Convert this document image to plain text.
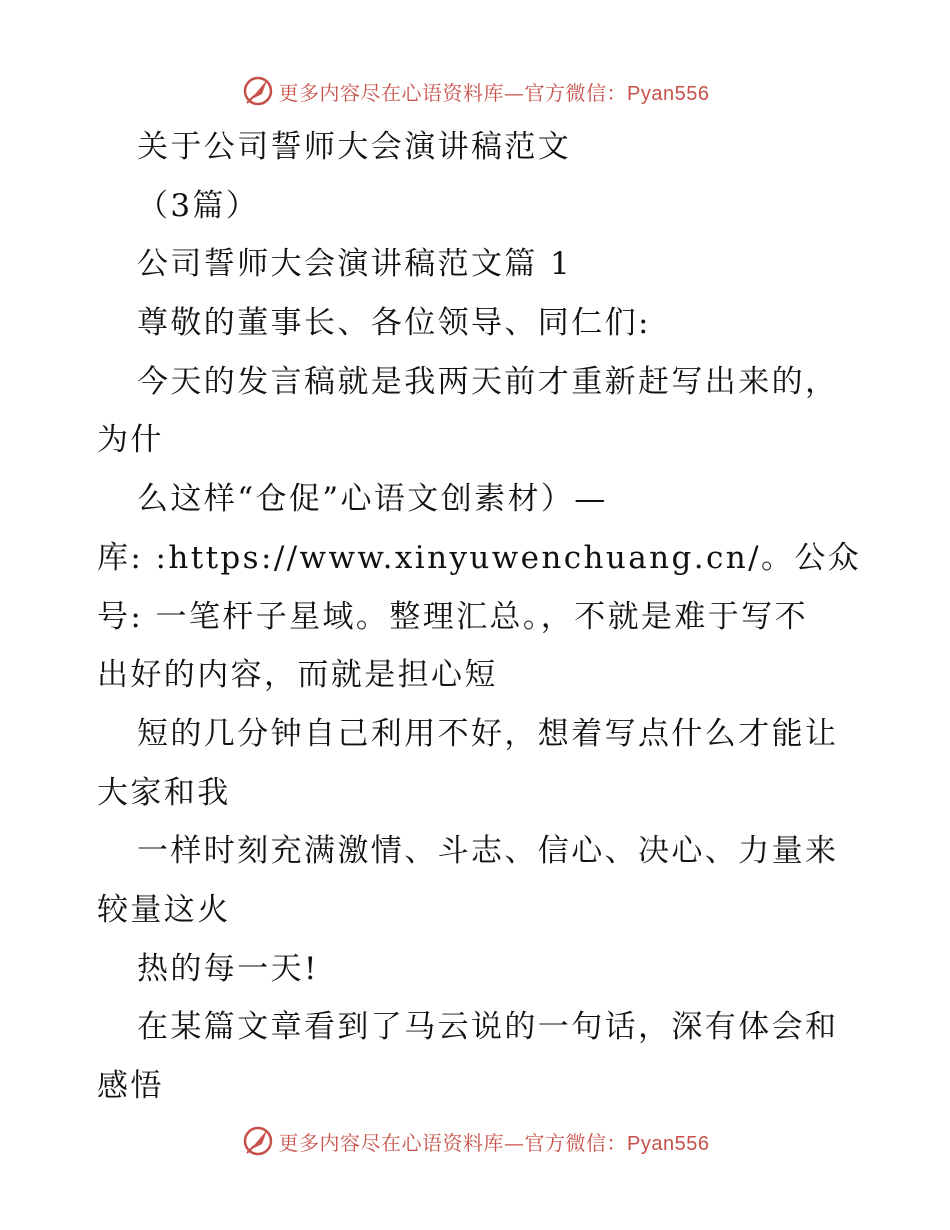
更多内容尽在心语资料库—官方微信：Pyan556
关于公司誓师大会演讲稿范文
（3篇）
公司誓师大会演讲稿范文篇 1
尊敬的董事长、各位领导、同仁们:
今天的发言稿就是我两天前才重新赶写出来的，
为什
么这样“仓促”心语文创素材）—
库: :https://www.xinyuwenchuang.cn/。公众
号: 一笔杆子星域。整理汇总。，不就是难于写不
出好的内容，而就是担心短
短的几分钟自己利用不好，想着写点什么才能让
大家和我
一样时刻充满激情、斗志、信心、决心、力量来
较量这火
热的每一天!
在某篇文章看到了马云说的一句话，深有体会和
感悟
更多内容尽在心语资料库—官方微信：Pyan556
